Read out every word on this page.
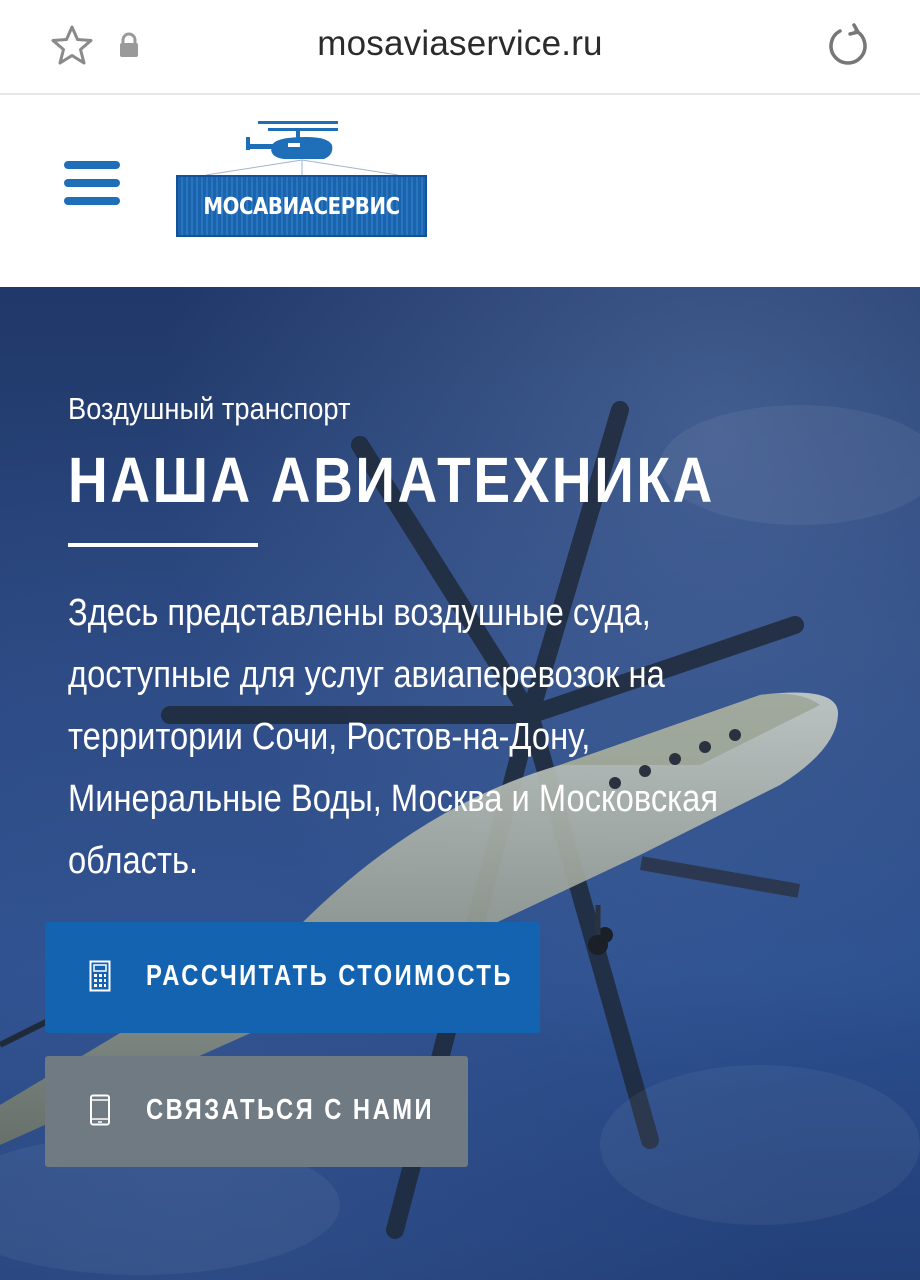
mosaviaservice.ru
МОСАВИАСЕРВИС
Воздушный транспорт
НАША АВИАТЕХНИКА
Здесь представлены воздушные суда, доступные для услуг авиаперевозок на территории Сочи, Ростов-на-Дону, Минеральные Воды, Москва и Московская область.
РАССЧИТАТЬ СТОИМОСТЬ
СВЯЗАТЬСЯ С НАМИ
